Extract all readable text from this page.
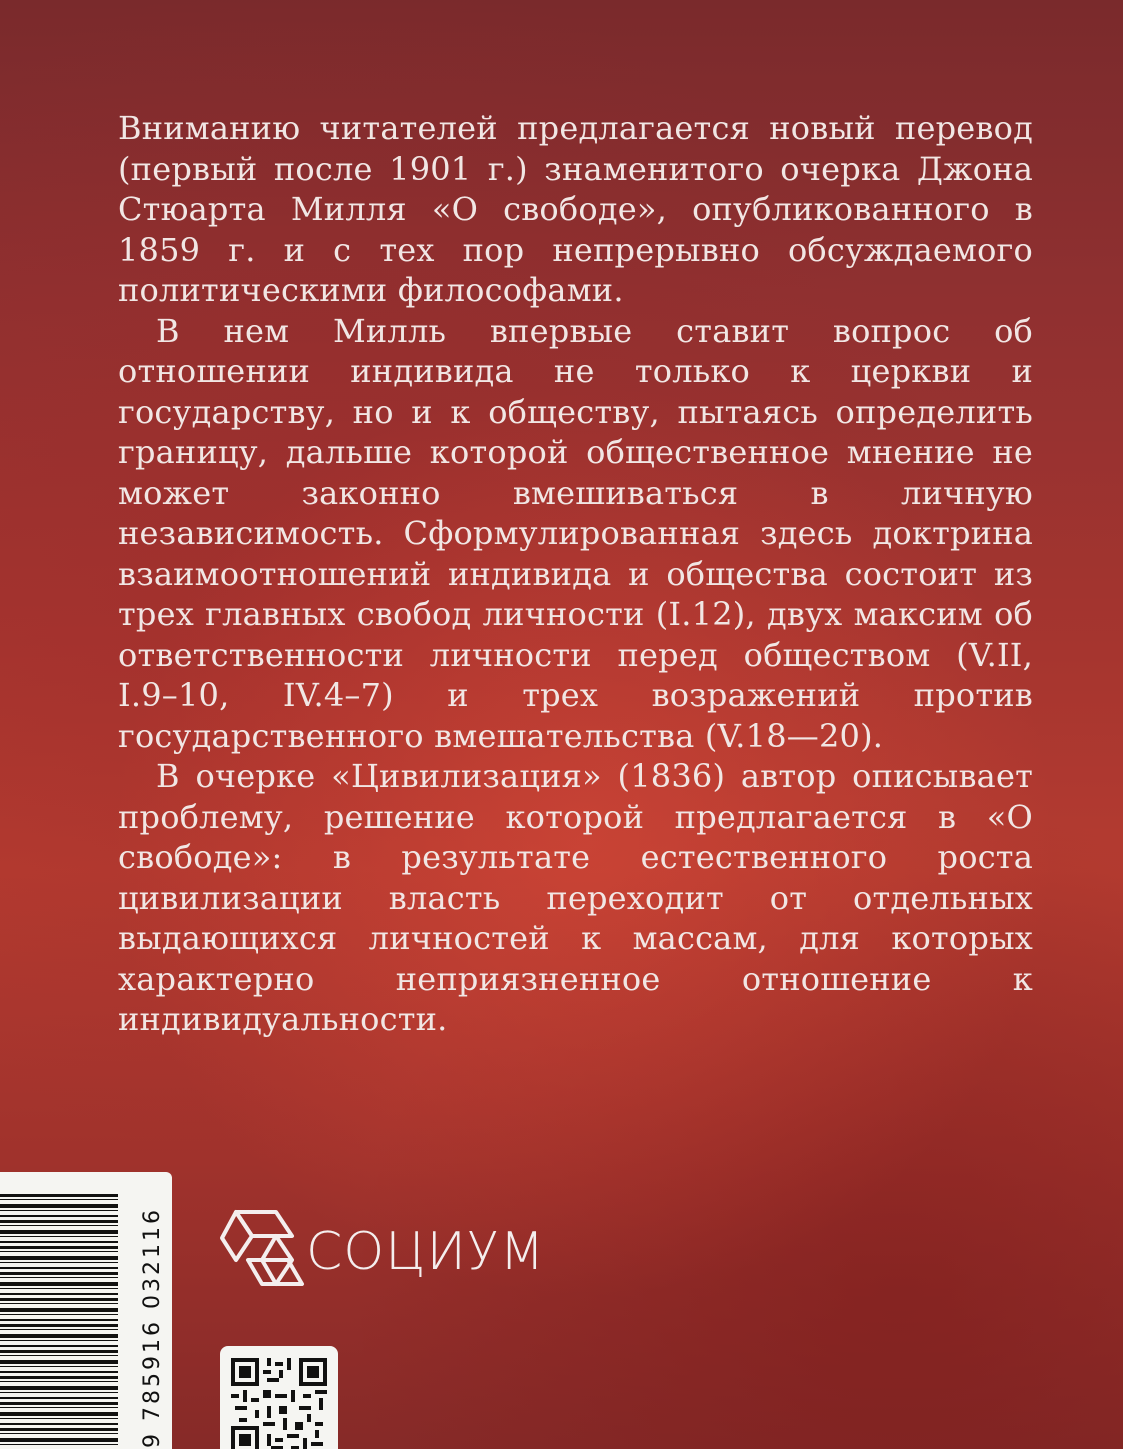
Вниманию читателей предлагается новый перевод (первый после 1901 г.) знаменитого очерка Джона Стюарта Милля «О свободе», опубликованного в 1859 г. и с тех пор непрерывно обсуждаемого политическими философами.

В нем Милль впервые ставит вопрос об отношении индивида не только к церкви и государству, но и к обществу, пытаясь определить границу, дальше которой общественное мнение не может законно вмешиваться в личную независимость. Сформулированная здесь доктрина взаимоотношений индивида и общества состоит из трех главных свобод личности (I.12), двух максим об ответственности личности перед обществом (V.II, I.9–10, IV.4–7) и трех возражений против государственного вмешательства (V.18—20).

В очерке «Цивилизация» (1836) автор описывает проблему, решение которой предлагается в «О свободе»: в результате естественного роста цивилизации власть переходит от отдельных выдающихся личностей к массам, для которых характерно неприязненное отношение к индивидуальности.

СОЦИУМ
9 785916 032116
